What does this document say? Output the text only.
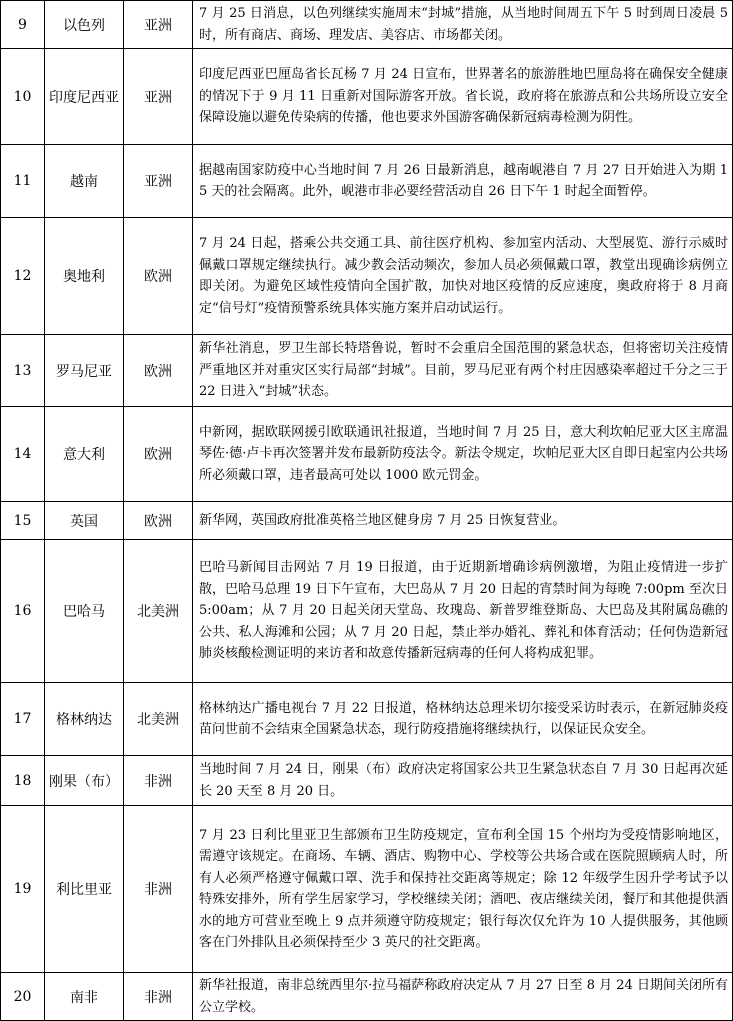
9	以色列	亚洲	7 月 25 日消息，以色列继续实施周末“封城”措施，从当地时间周五下午 5 时到周日凌晨 5 时，所有商店、商场、理发店、美容店、市场都关闭。
10	印度尼西亚	亚洲	印度尼西亚巴厘岛省长瓦杨 7 月 24 日宣布，世界著名的旅游胜地巴厘岛将在确保安全健康的情况下于 9 月 11 日重新对国际游客开放。省长说，政府将在旅游点和公共场所设立安全保障设施以避免传染病的传播，他也要求外国游客确保新冠病毒检测为阴性。
11	越南	亚洲	据越南国家防疫中心当地时间 7 月 26 日最新消息，越南岘港自 7 月 27 日开始进入为期 15 天的社会隔离。此外，岘港市非必要经营活动自 26 日下午 1 时起全面暂停。
12	奥地利	欧洲	7 月 24 日起，搭乘公共交通工具、前往医疗机构、参加室内活动、大型展览、游行示威时佩戴口罩规定继续执行。减少教会活动频次，参加人员必须佩戴口罩，教堂出现确诊病例立即关闭。为避免区域性疫情向全国扩散，加快对地区疫情的反应速度，奥政府将于 8 月商定“信号灯”疫情预警系统具体实施方案并启动试运行。
13	罗马尼亚	欧洲	新华社消息，罗卫生部长特塔鲁说，暂时不会重启全国范围的紧急状态，但将密切关注疫情严重地区并对重灾区实行局部“封城”。目前，罗马尼亚有两个村庄因感染率超过千分之三于 22 日进入“封城”状态。
14	意大利	欧洲	中新网，据欧联网援引欧联通讯社报道，当地时间 7 月 25 日，意大利坎帕尼亚大区主席温琴佐·德·卢卡再次签署并发布最新防疫法令。新法令规定，坎帕尼亚大区自即日起室内公共场所必须戴口罩，违者最高可处以 1000 欧元罚金。
15	英国	欧洲	新华网，英国政府批准英格兰地区健身房 7 月 25 日恢复营业。
16	巴哈马	北美洲	巴哈马新闻目击网站 7 月 19 日报道，由于近期新增确诊病例激增，为阻止疫情进一步扩散，巴哈马总理 19 日下午宣布，大巴岛从 7 月 20 日起的宵禁时间为每晚 7:00pm 至次日 5:00am；从 7 月 20 日起关闭天堂岛、玫瑰岛、新普罗维登斯岛、大巴岛及其附属岛礁的公共、私人海滩和公园；从 7 月 20 日起，禁止举办婚礼、葬礼和体育活动；任何伪造新冠肺炎核酸检测证明的来访者和故意传播新冠病毒的任何人将构成犯罪。
17	格林纳达	北美洲	格林纳达广播电视台 7 月 22 日报道，格林纳达总理米切尔接受采访时表示，在新冠肺炎疫苗问世前不会结束全国紧急状态，现行防疫措施将继续执行，以保证民众安全。
18	刚果（布）	非洲	当地时间 7 月 24 日，刚果（布）政府决定将国家公共卫生紧急状态自 7 月 30 日起再次延长 20 天至 8 月 20 日。
19	利比里亚	非洲	7 月 23 日利比里亚卫生部颁布卫生防疫规定，宣布利全国 15 个州均为受疫情影响地区，需遵守该规定。在商场、车辆、酒店、购物中心、学校等公共场合或在医院照顾病人时，所有人必须严格遵守佩戴口罩、洗手和保持社交距离等规定；除 12 年级学生因升学考试予以特殊安排外，所有学生居家学习，学校继续关闭；酒吧、夜店继续关闭，餐厅和其他提供酒水的地方可营业至晚上 9 点并须遵守防疫规定；银行每次仅允许为 10 人提供服务，其他顾客在门外排队且必须保持至少 3 英尺的社交距离。
20	南非	非洲	新华社报道，南非总统西里尔·拉马福萨称政府决定从 7 月 27 日至 8 月 24 日期间关闭所有公立学校。
